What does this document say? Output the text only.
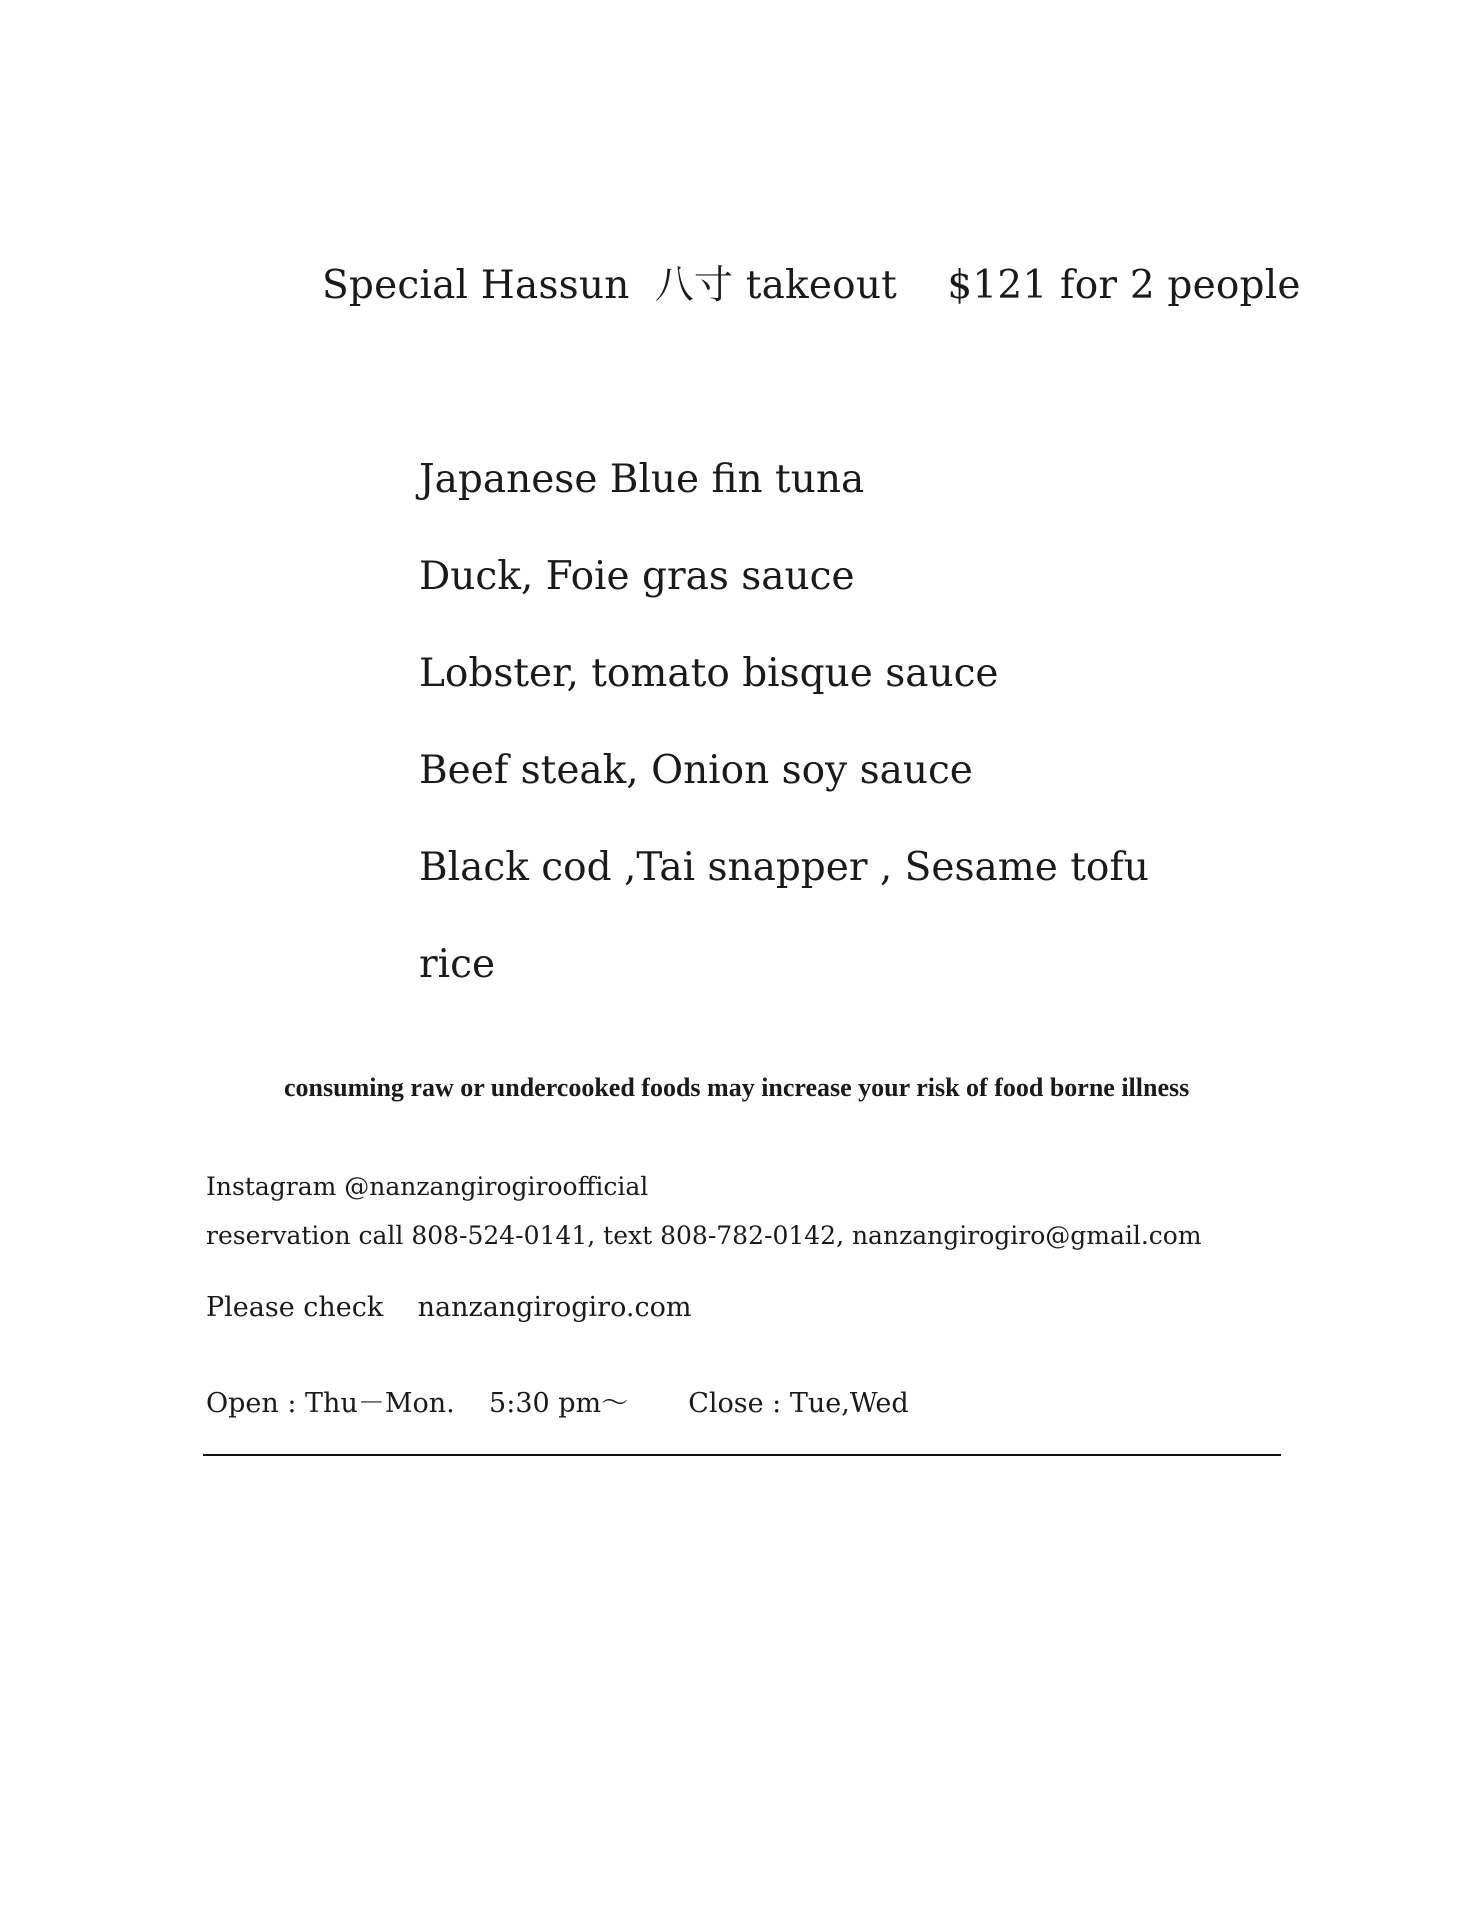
Special Hassun  八寸 takeout    $121 for 2 people
Japanese Blue fin tuna
Duck, Foie gras sauce
Lobster, tomato bisque sauce
Beef steak, Onion soy sauce
Black cod ,Tai snapper , Sesame tofu
rice
consuming raw or undercooked foods may increase your risk of food borne illness
Instagram @nanzangirogiroofficial
reservation call 808-524-0141, text 808-782-0142, nanzangirogiro@gmail.com
Please check    nanzangirogiro.com
Open : Thu－Mon.    5:30 pm～       Close : Tue,Wed
